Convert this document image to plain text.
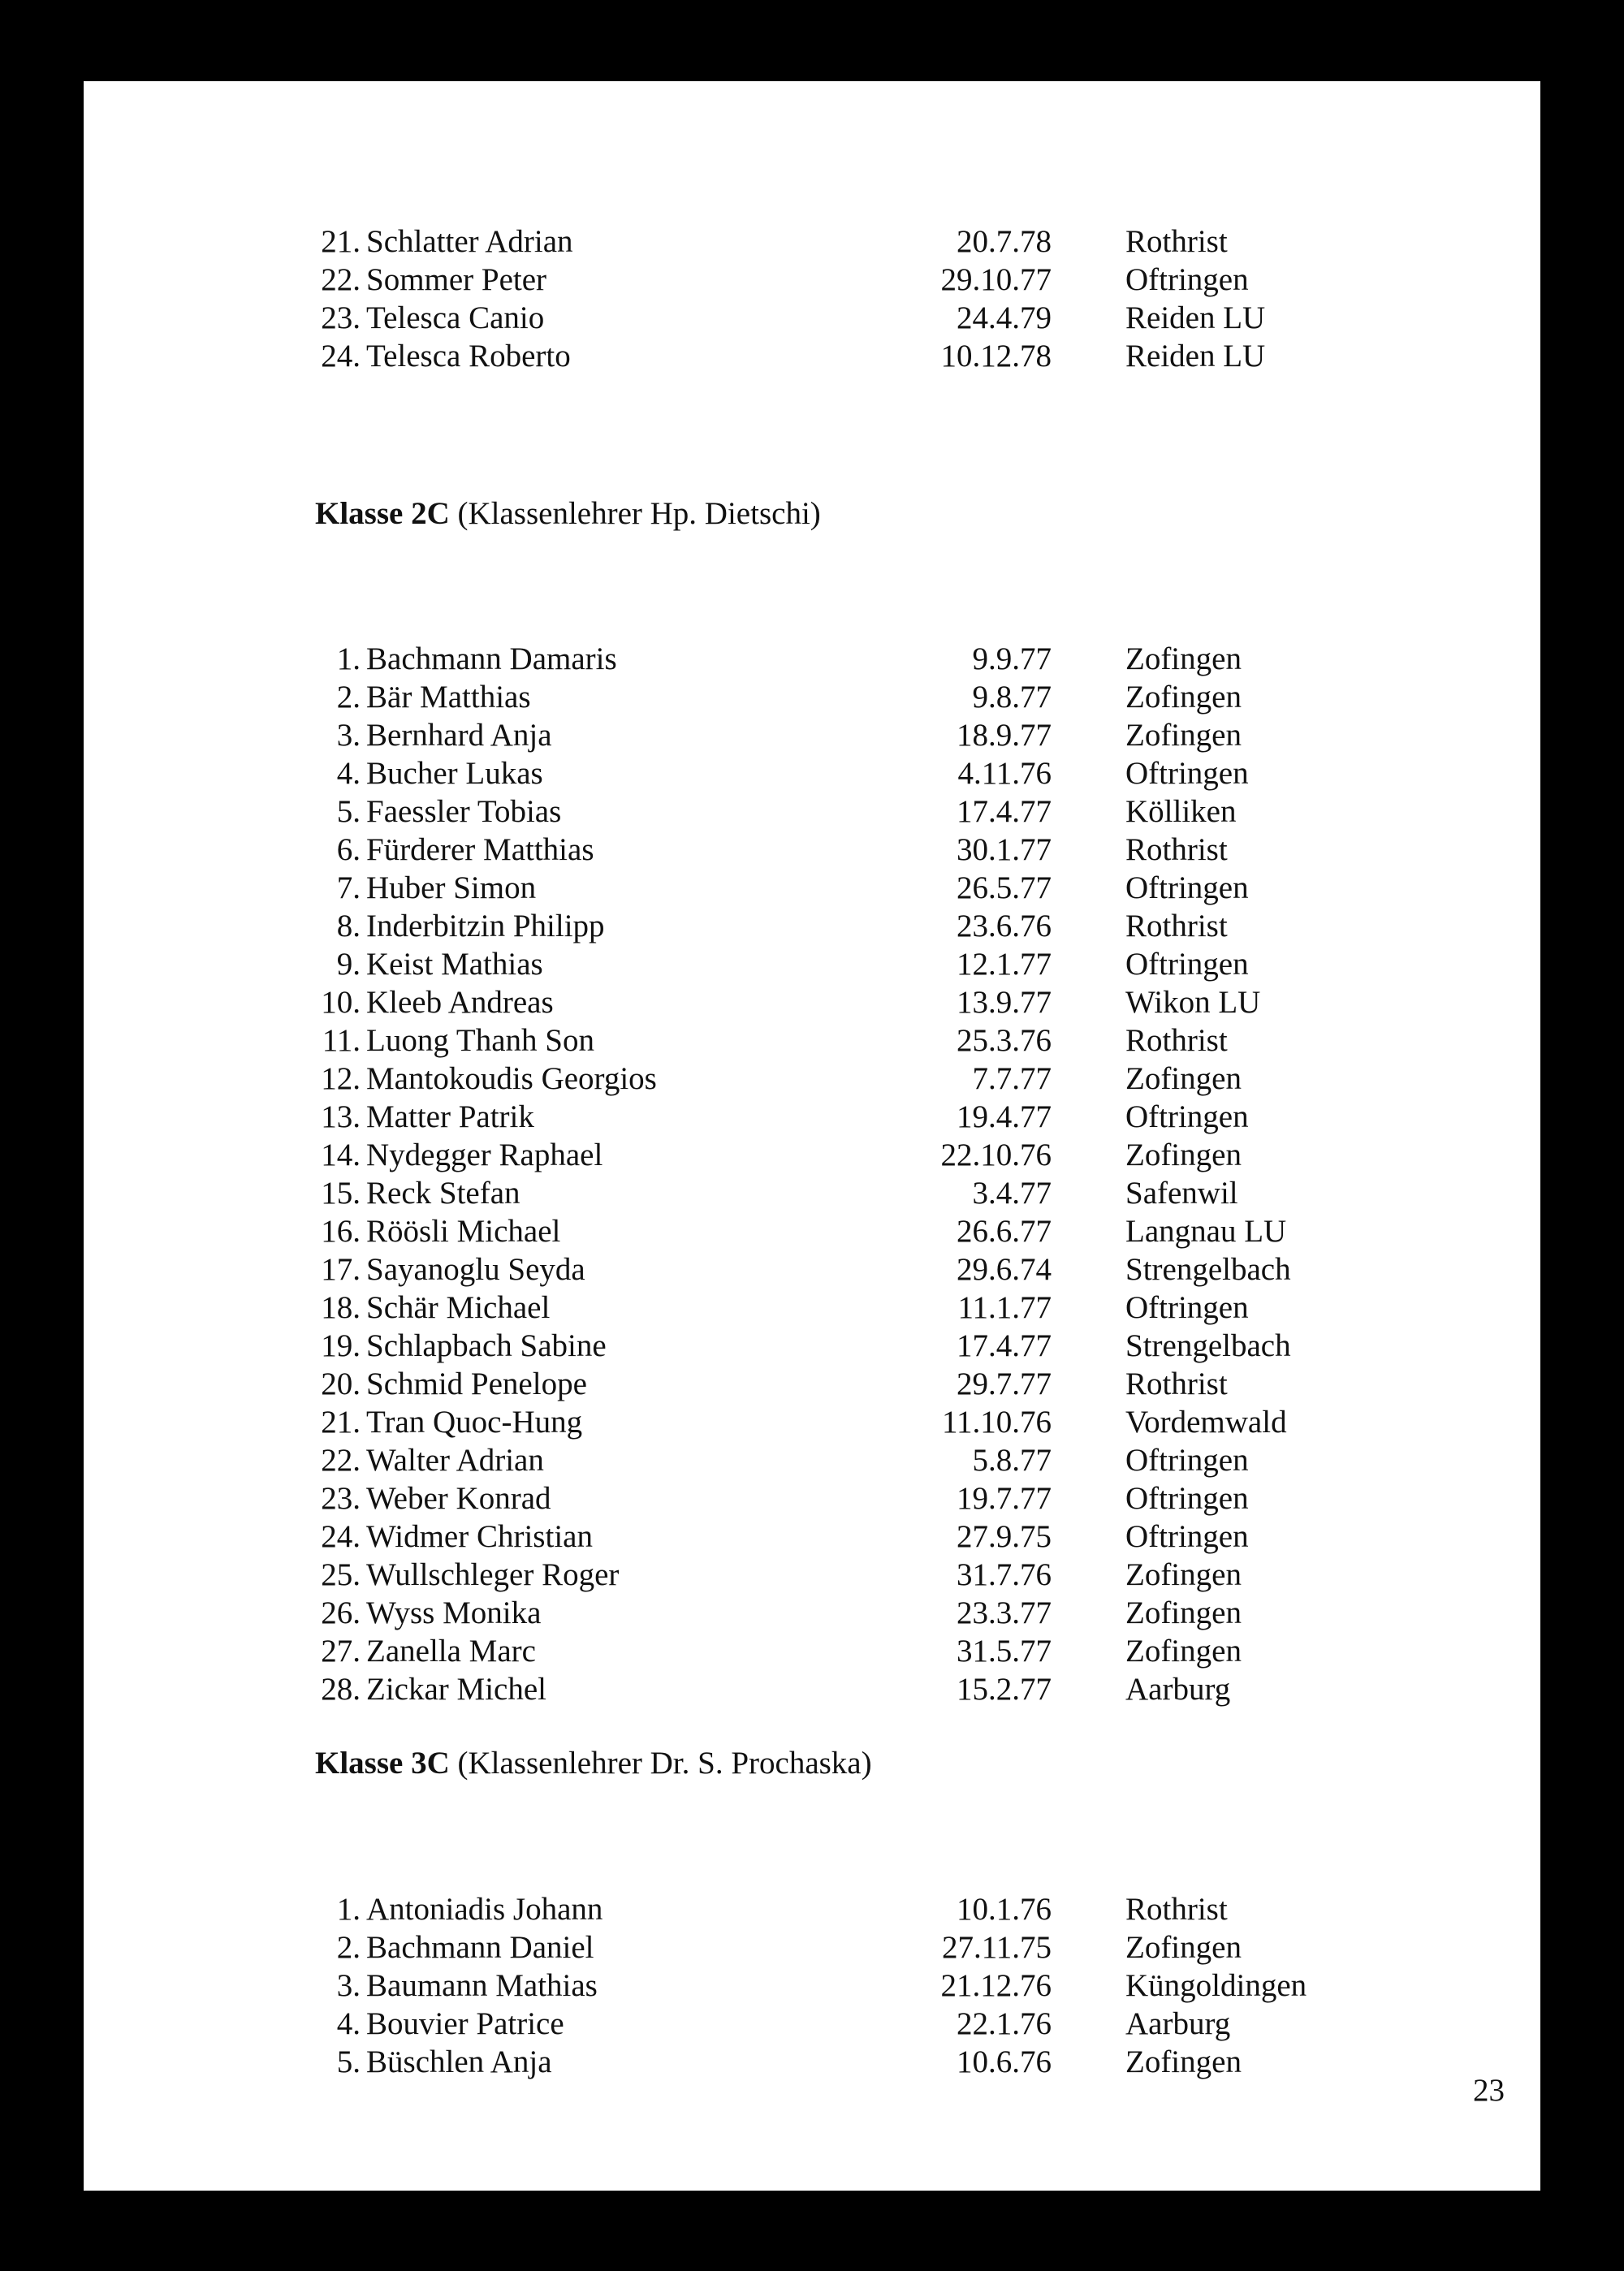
Klasse 2C (Klassenlehrer Hp. Dietschi)
Klasse 3C (Klassenlehrer Dr. S. Prochaska)
23
21. Schlatter Adrian	20.7.78 Rothrist
22. Sommer Peter	29.10.77 Oftringen
23. Telesca Canio	24.4.79 Reiden LU
24. Telesca Roberto	10.12.78 Reiden LU
1. Bachmann Damaris	9.9.77 Zofingen
2. Bär Matthias	9.8.77 Zofingen
3. Bernhard Anja	18.9.77 Zofingen
4. Bucher Lukas	4.11.76 Oftringen
5. Faessler Tobias	17.4.77 Kölliken
6. Fürderer Matthias	30.1.77 Rothrist
7. Huber Simon	26.5.77 Oftringen
8. Inderbitzin Philipp	23.6.76 Rothrist
9. Keist Mathias	12.1.77 Oftringen
10. Kleeb Andreas	13.9.77 Wikon LU
11. Luong Thanh Son	25.3.76 Rothrist
12. Mantokoudis Georgios	7.7.77 Zofingen
13. Matter Patrik	19.4.77 Oftringen
14. Nydegger Raphael	22.10.76 Zofingen
15. Reck Stefan	3.4.77 Safenwil
16. Röösli Michael	26.6.77 Langnau LU
17. Sayanoglu Seyda	29.6.74 Strengelbach
18. Schär Michael	11.1.77 Oftringen
19. Schlapbach Sabine	17.4.77 Strengelbach
20. Schmid Penelope	29.7.77 Rothrist
21. Tran Quoc-Hung	11.10.76 Vordemwald
22. Walter Adrian	5.8.77 Oftringen
23. Weber Konrad	19.7.77 Oftringen
24. Widmer Christian	27.9.75 Oftringen
25. Wullschleger Roger	31.7.76 Zofingen
26. Wyss Monika	23.3.77 Zofingen
27. Zanella Marc	31.5.77 Zofingen
28. Zickar Michel	15.2.77 Aarburg
1. Antoniadis Johann	10.1.76 Rothrist
2. Bachmann Daniel	27.11.75 Zofingen
3. Baumann Mathias	21.12.76 Küngoldingen
4. Bouvier Patrice	22.1.76 Aarburg
5. Büschlen Anja	10.6.76 Zofingen
